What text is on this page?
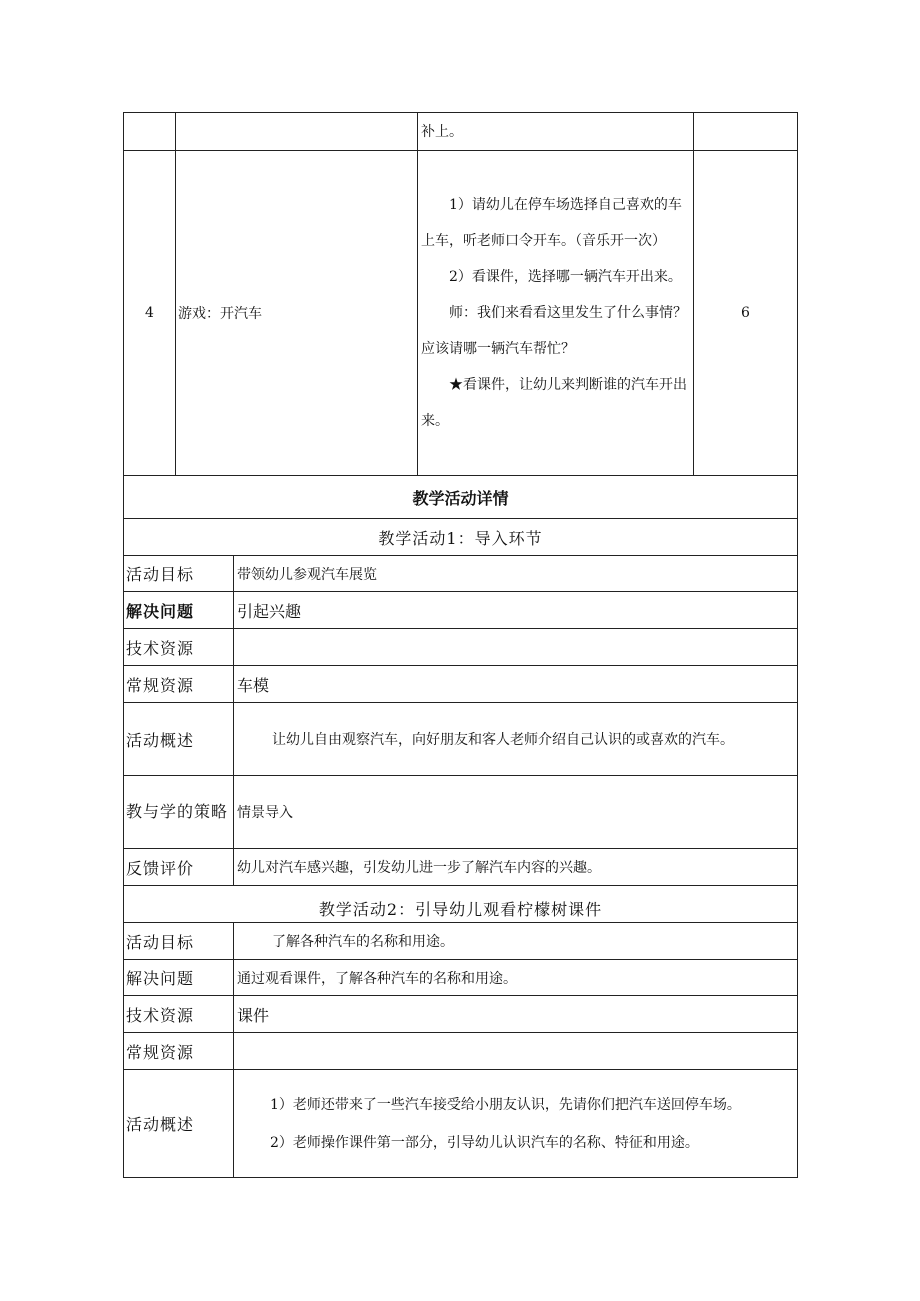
		补上。	

4	游戏：开汽车	1）请幼儿在停车场选择自己喜欢的车上车，听老师口令开车。（音乐开一次）

2）看课件，选择哪一辆汽车开出来。

师：我们来看看这里发生了什么事情？应该请哪一辆汽车帮忙？

★看课件，让幼儿来判断谁的汽车开出来。	6
教学活动详情	
教学活动1：导入环节	
活动目标	带领幼儿参观汽车展览
解决问题	引起兴趣
技术资源	
常规资源	车模
活动概述	让幼儿自由观察汽车，向好朋友和客人老师介绍自己认识的或喜欢的汽车。
教与学的策略	情景导入
反馈评价	幼儿对汽车感兴趣，引发幼儿进一步了解汽车内容的兴趣。
教学活动2：引导幼儿观看柠檬树课件	
活动目标	了解各种汽车的名称和用途。
解决问题	通过观看课件，了解各种汽车的名称和用途。
技术资源	课件
常规资源	
活动概述	1）老师还带来了一些汽车接受给小朋友认识，先请你们把汽车送回停车场。

2）老师操作课件第一部分，引导幼儿认识汽车的名称、特征和用途。
